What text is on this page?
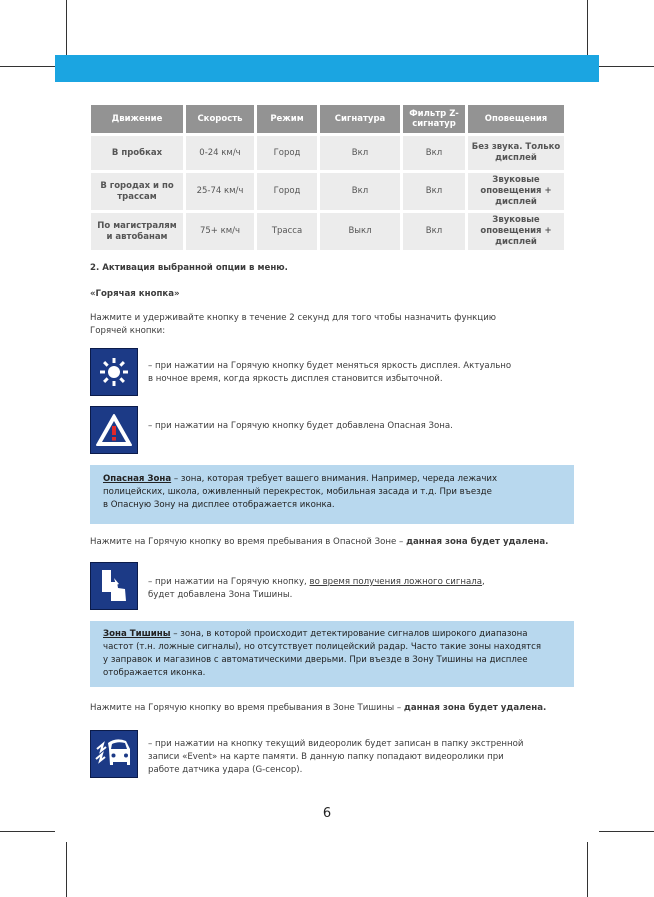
Движение	Скорость	Режим	Сигнатура	Фильтр Z-сигнатур	Оповещения
В пробках	0-24 км/ч	Город	Вкл	Вкл	Без звука. Только дисплей
В городах и по трассам	25-74 км/ч	Город	Вкл	Вкл	Звуковые оповещения + дисплей
По магистралям и автобанам	75+ км/ч	Трасса	Выкл	Вкл	Звуковые оповещения + дисплей
2. Активация выбранной опции в меню.
«Горячая кнопка»
Нажмите и удерживайте кнопку в течение 2 секунд для того чтобы назначить функцию
Горячей кнопки:
– при нажатии на Горячую кнопку будет меняться яркость дисплея. Актуально
в ночное время, когда яркость дисплея становится избыточной.
– при нажатии на Горячую кнопку будет добавлена Опасная Зона.
Опасная Зона – зона, которая требует вашего внимания. Например, череда лежачих
полицейских, школа, оживленный перекресток, мобильная засада и т.д. При въезде
в Опасную Зону на дисплее отображается иконка.
Нажмите на Горячую кнопку во время пребывания в Опасной Зоне – данная зона будет удалена.
– при нажатии на Горячую кнопку, во время получения ложного сигнала,
будет добавлена Зона Тишины.
Зона Тишины – зона, в которой происходит детектирование сигналов широкого диапазона
частот (т.н. ложные сигналы), но отсутствует полицейский радар. Часто такие зоны находятся
у заправок и магазинов с автоматическими дверьми. При въезде в Зону Тишины на дисплее
отображается иконка.
Нажмите на Горячую кнопку во время пребывания в Зоне Тишины – данная зона будет удалена.
– при нажатии на кнопку текущий видеоролик будет записан в папку экстренной
записи «Event» на карте памяти. В данную папку попадают видеоролики при
работе датчика удара (G-сенсор).
6
